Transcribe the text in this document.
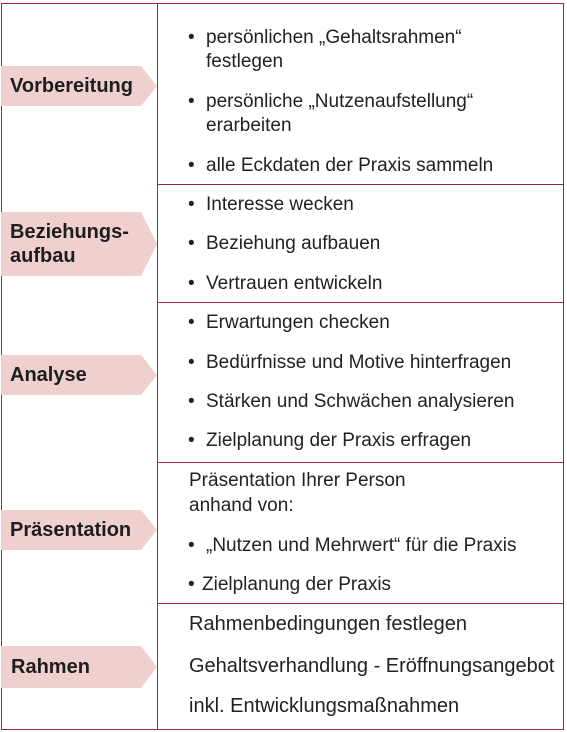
Vorbereitung
• persönlichen „Gehaltsrahmen“
festlegen
• persönliche „Nutzenaufstellung“
erarbeiten
• alle Eckdaten der Praxis sammeln
Beziehungs-
aufbau
• Interesse wecken
• Beziehung aufbauen
• Vertrauen entwickeln
Analyse
• Erwartungen checken
• Bedürfnisse und Motive hinterfragen
• Stärken und Schwächen analysieren
• Zielplanung der Praxis erfragen
Präsentation
Präsentation Ihrer Person
anhand von:
• „Nutzen und Mehrwert“ für die Praxis
• Zielplanung der Praxis
Rahmen
Rahmenbedingungen festlegen
Gehaltsverhandlung - Eröffnungsangebot
inkl. Entwicklungsmaßnahmen
